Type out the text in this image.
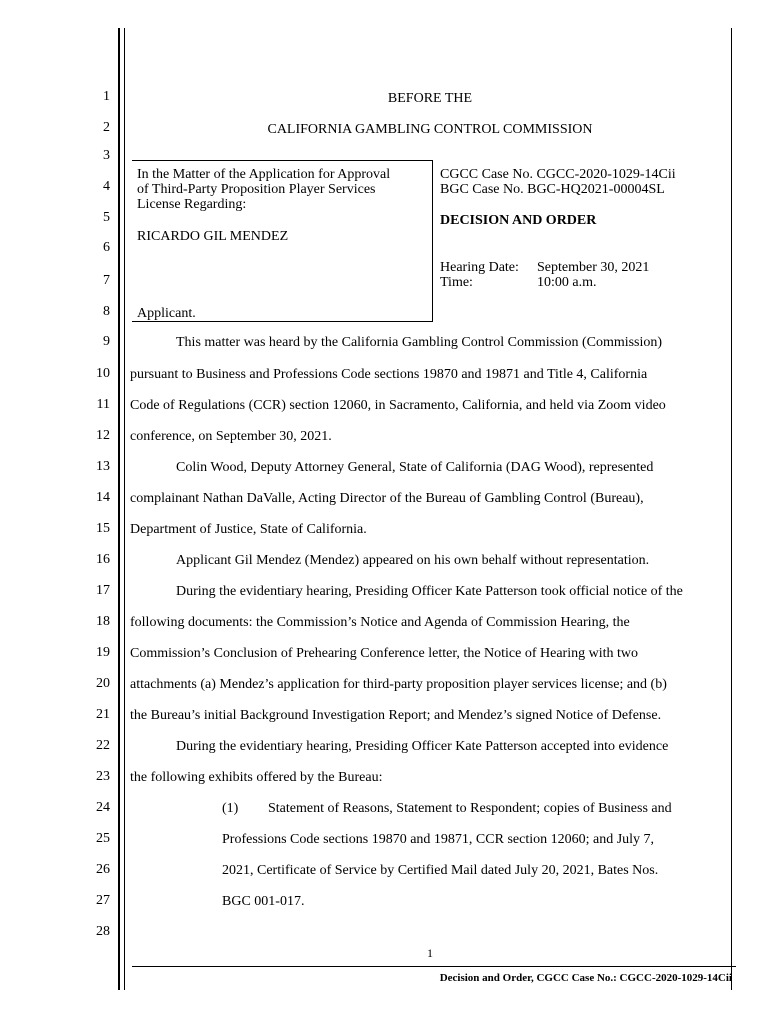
1
2
3
4
5
6
7
8
9
10
11
12
13
14
15
16
17
18
19
20
21
22
23
24
25
26
27
28
BEFORE THE
CALIFORNIA GAMBLING CONTROL COMMISSION
In the Matter of the Application for Approval
of Third-Party Proposition Player Services
License Regarding:
RICARDO GIL MENDEZ
Applicant.
CGCC Case No. CGCC-2020-1029-14Cii
BGC Case No. BGC-HQ2021-00004SL
DECISION AND ORDER
Hearing Date: September 30, 2021
Time:	10:00 a.m.
This matter was heard by the California Gambling Control Commission (Commission)
pursuant to Business and Professions Code sections 19870 and 19871 and Title 4, California
Code of Regulations (CCR) section 12060, in Sacramento, California, and held via Zoom video
conference, on September 30, 2021.
Colin Wood, Deputy Attorney General, State of California (DAG Wood), represented
complainant Nathan DaValle, Acting Director of the Bureau of Gambling Control (Bureau),
Department of Justice, State of California.
Applicant Gil Mendez (Mendez) appeared on his own behalf without representation.
During the evidentiary hearing, Presiding Officer Kate Patterson took official notice of the
following documents: the Commission’s Notice and Agenda of Commission Hearing, the
Commission’s Conclusion of Prehearing Conference letter, the Notice of Hearing with two
attachments (a) Mendez’s application for third-party proposition player services license; and (b)
the Bureau’s initial Background Investigation Report; and Mendez’s signed Notice of Defense.
During the evidentiary hearing, Presiding Officer Kate Patterson accepted into evidence
the following exhibits offered by the Bureau:
(1) Statement of Reasons, Statement to Respondent; copies of Business and
Professions Code sections 19870 and 19871, CCR section 12060; and July 7,
2021, Certificate of Service by Certified Mail dated July 20, 2021, Bates Nos.
BGC 001-017.
1
Decision and Order, CGCC Case No.: CGCC-2020-1029-14Cii
